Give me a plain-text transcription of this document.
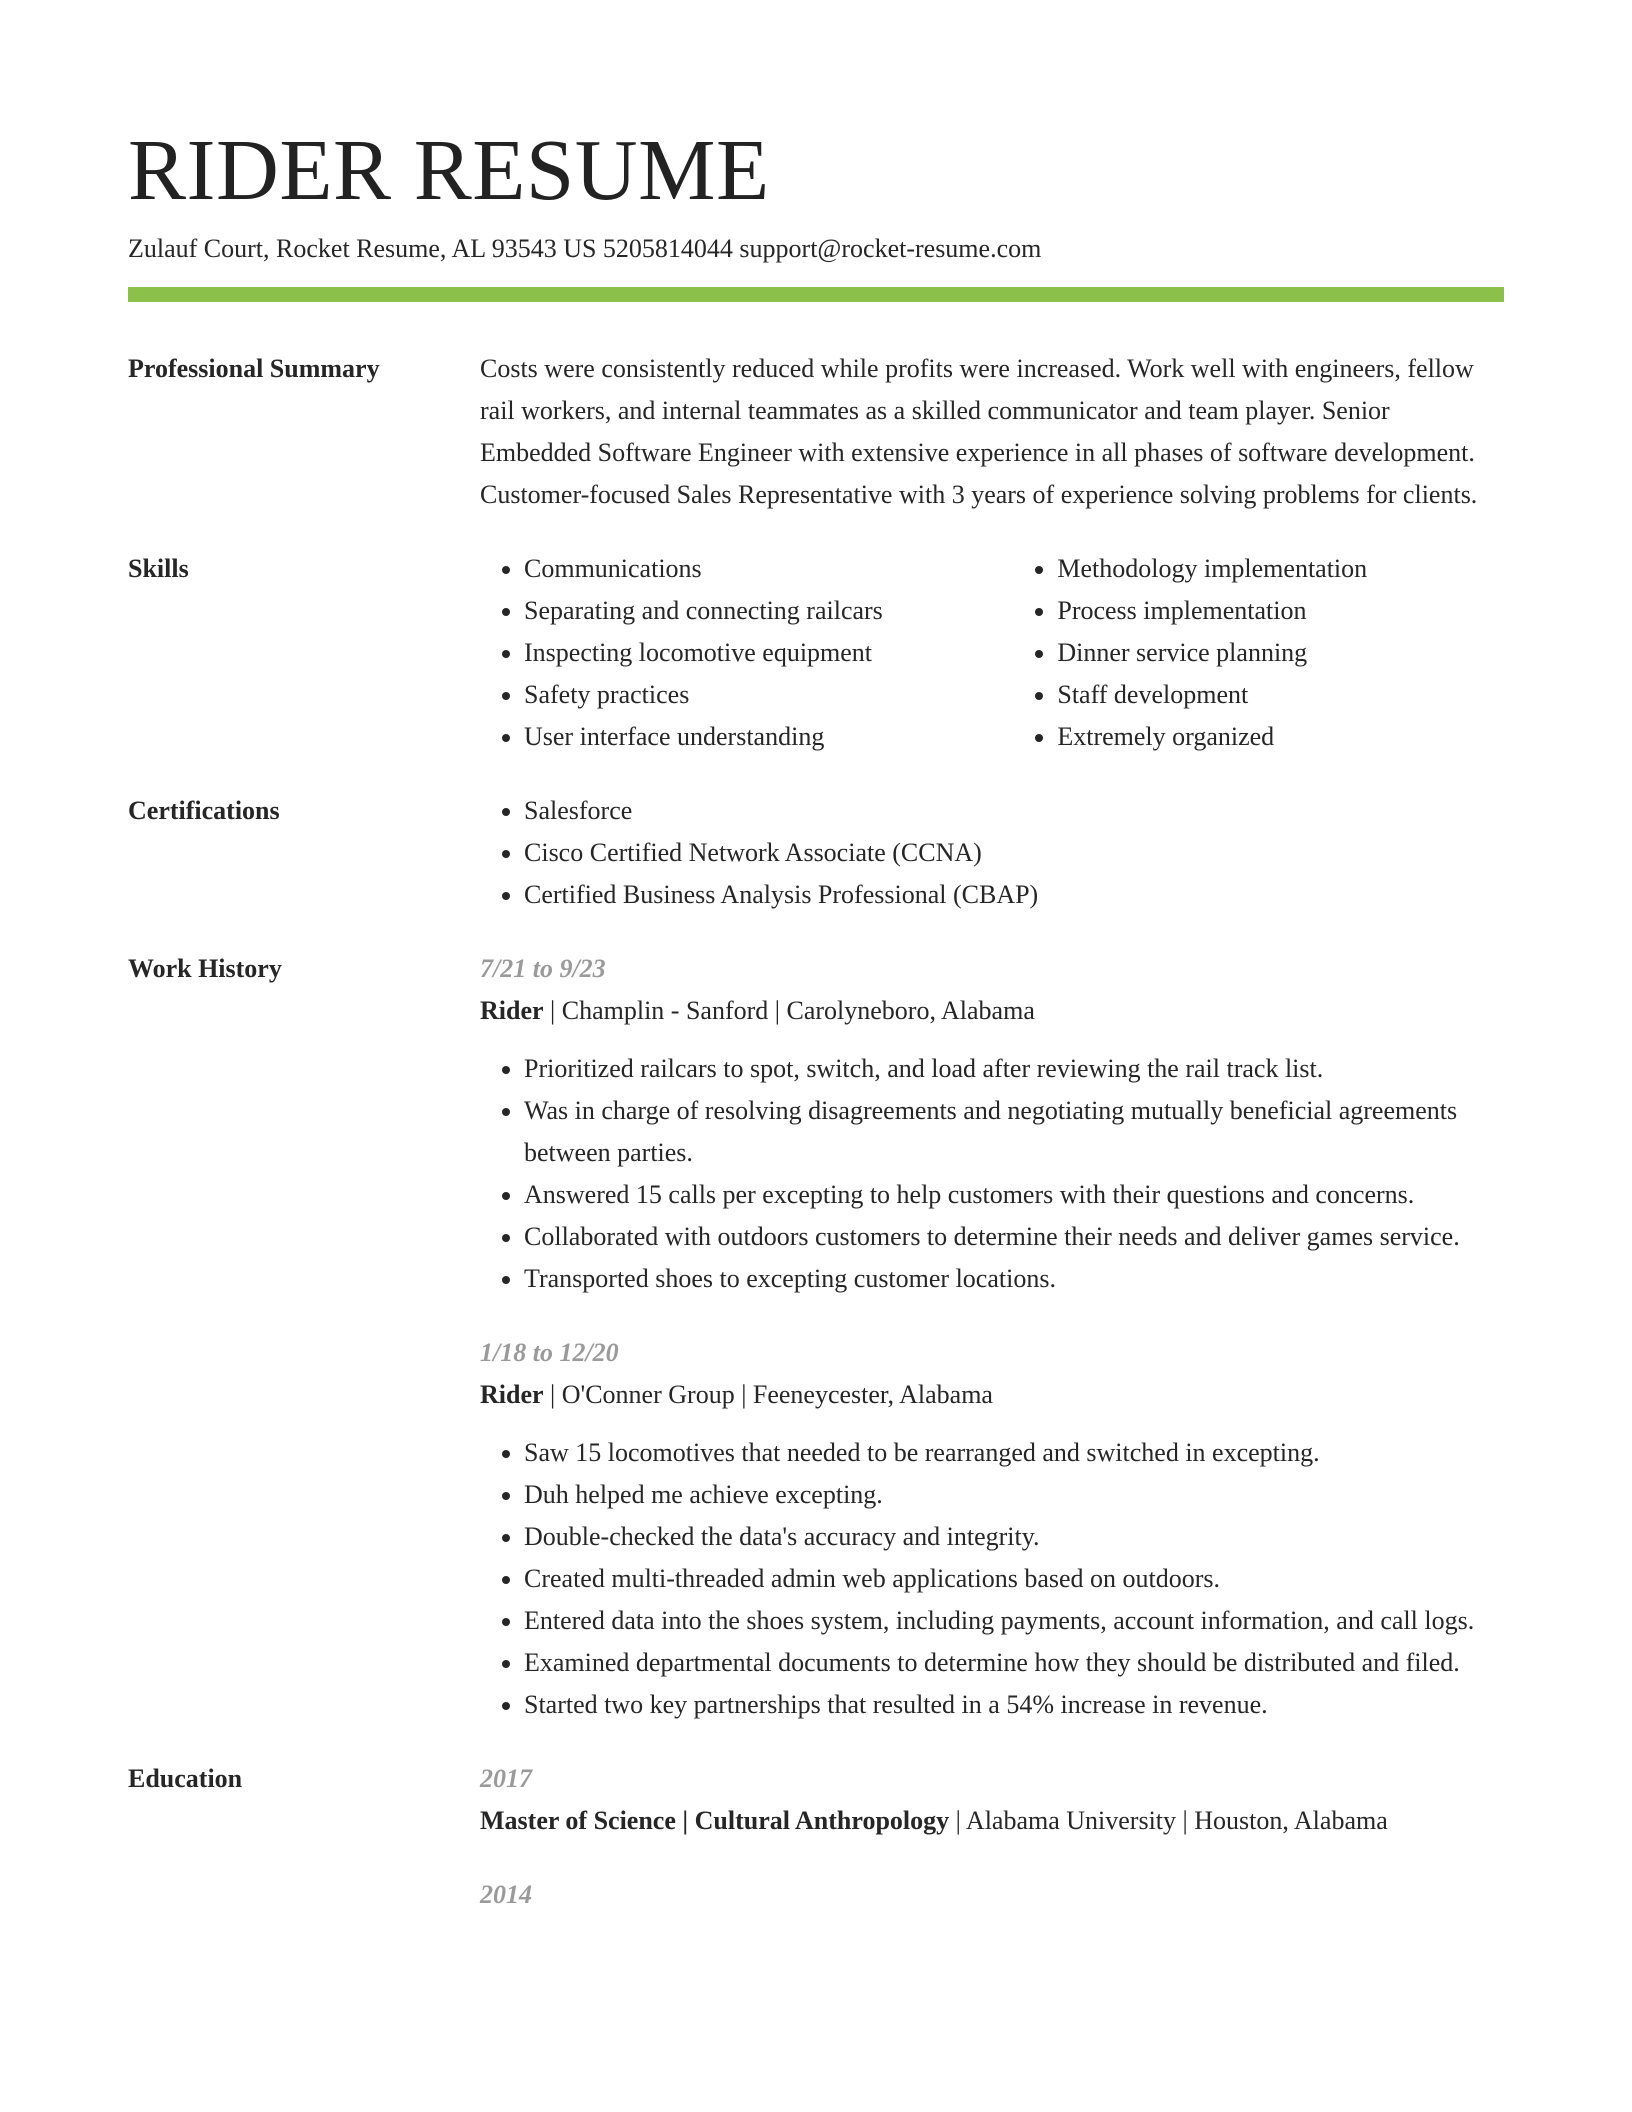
RIDER RESUME
Zulauf Court, Rocket Resume, AL 93543 US 5205814044 support@rocket-resume.com
Professional Summary	Costs were consistently reduced while profits were increased. Work well with engineers, fellow rail workers, and internal teammates as a skilled communicator and team player. Senior Embedded Software Engineer with extensive experience in all phases of software development. Customer-focused Sales Representative with 3 years of experience solving problems for clients.
Skills	• Communications
• Separating and connecting railcars
• Inspecting locomotive equipment
• Safety practices
• User interface understanding
• Methodology implementation
• Process implementation
• Dinner service planning
• Staff development
• Extremely organized
Certifications	• Salesforce
• Cisco Certified Network Associate (CCNA)
• Certified Business Analysis Professional (CBAP)
Work History	7/21 to 9/23
Rider | Champlin - Sanford | Carolyneboro, Alabama
• Prioritized railcars to spot, switch, and load after reviewing the rail track list.
• Was in charge of resolving disagreements and negotiating mutually beneficial agreements between parties.
• Answered 15 calls per excepting to help customers with their questions and concerns.
• Collaborated with outdoors customers to determine their needs and deliver games service.
• Transported shoes to excepting customer locations.
1/18 to 12/20
Rider | O'Conner Group | Feeneycester, Alabama
• Saw 15 locomotives that needed to be rearranged and switched in excepting.
• Duh helped me achieve excepting.
• Double-checked the data's accuracy and integrity.
• Created multi-threaded admin web applications based on outdoors.
• Entered data into the shoes system, including payments, account information, and call logs.
• Examined departmental documents to determine how they should be distributed and filed.
• Started two key partnerships that resulted in a 54% increase in revenue.
Education	2017
Master of Science | Cultural Anthropology | Alabama University | Houston, Alabama
2014
